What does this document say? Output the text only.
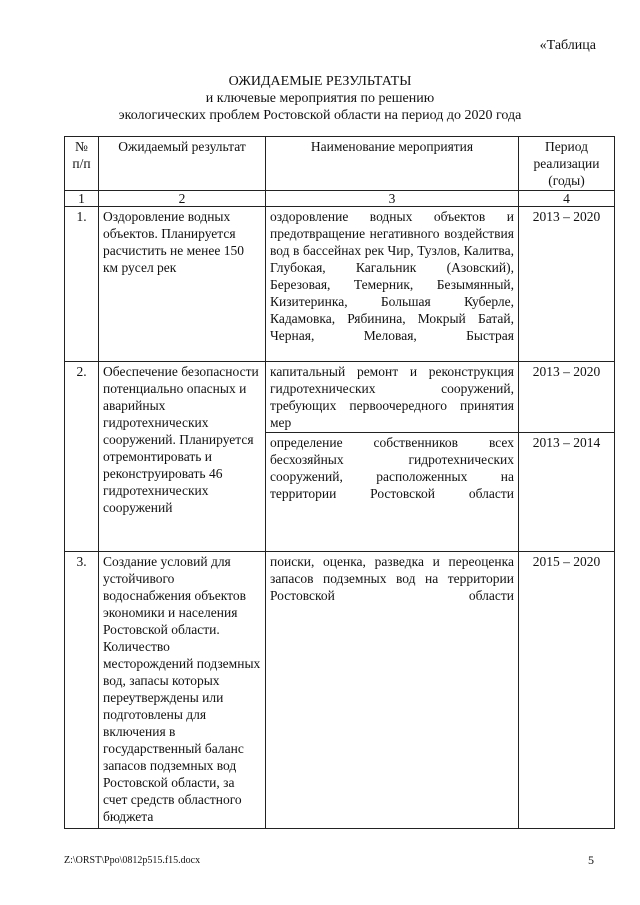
«Таблица
ОЖИДАЕМЫЕ РЕЗУЛЬТАТЫ
и ключевые мероприятия по решению
экологических проблем Ростовской области на период до 2020 года
№ п/п	Ожидаемый результат	Наименование мероприятия	Период реализации (годы)
1	2	3	4
1.	Оздоровление водных объектов. Планируется расчистить не менее 150 км русел рек	оздоровление водных объектов и предотвращение негативного воздействия вод в бассейнах рек Чир, Тузлов, Калитва, Глубокая, Кагальник (Азовский), Березовая, Темерник, Безымянный, Кизитеринка, Большая Куберле, Кадамовка, Рябинина, Мокрый Батай, Черная, Меловая, Быстрая	2013 – 2020
2.	Обеспечение безопасности потенциально опасных и аварийных гидротехнических сооружений. Планируется отремонтировать и реконструировать 46 гидротехнических сооружений	капитальный ремонт и реконструкция гидротехнических сооружений, требующих первоочередного принятия мер	2013 – 2020
		определение собственников всех бесхозяйных гидротехнических сооружений, расположенных на территории Ростовской области	2013 – 2014
3.	Создание условий для устойчивого водоснабжения объектов экономики и населения Ростовской области. Количество месторождений подземных вод, запасы которых переутверждены или подготовлены для включения в государственный баланс запасов подземных вод Ростовской области, за счет средств областного бюджета	поиски, оценка, разведка и переоценка запасов подземных вод на территории Ростовской области	2015 – 2020
Z:\ORST\Ppo\0812p515.f15.docx	5
